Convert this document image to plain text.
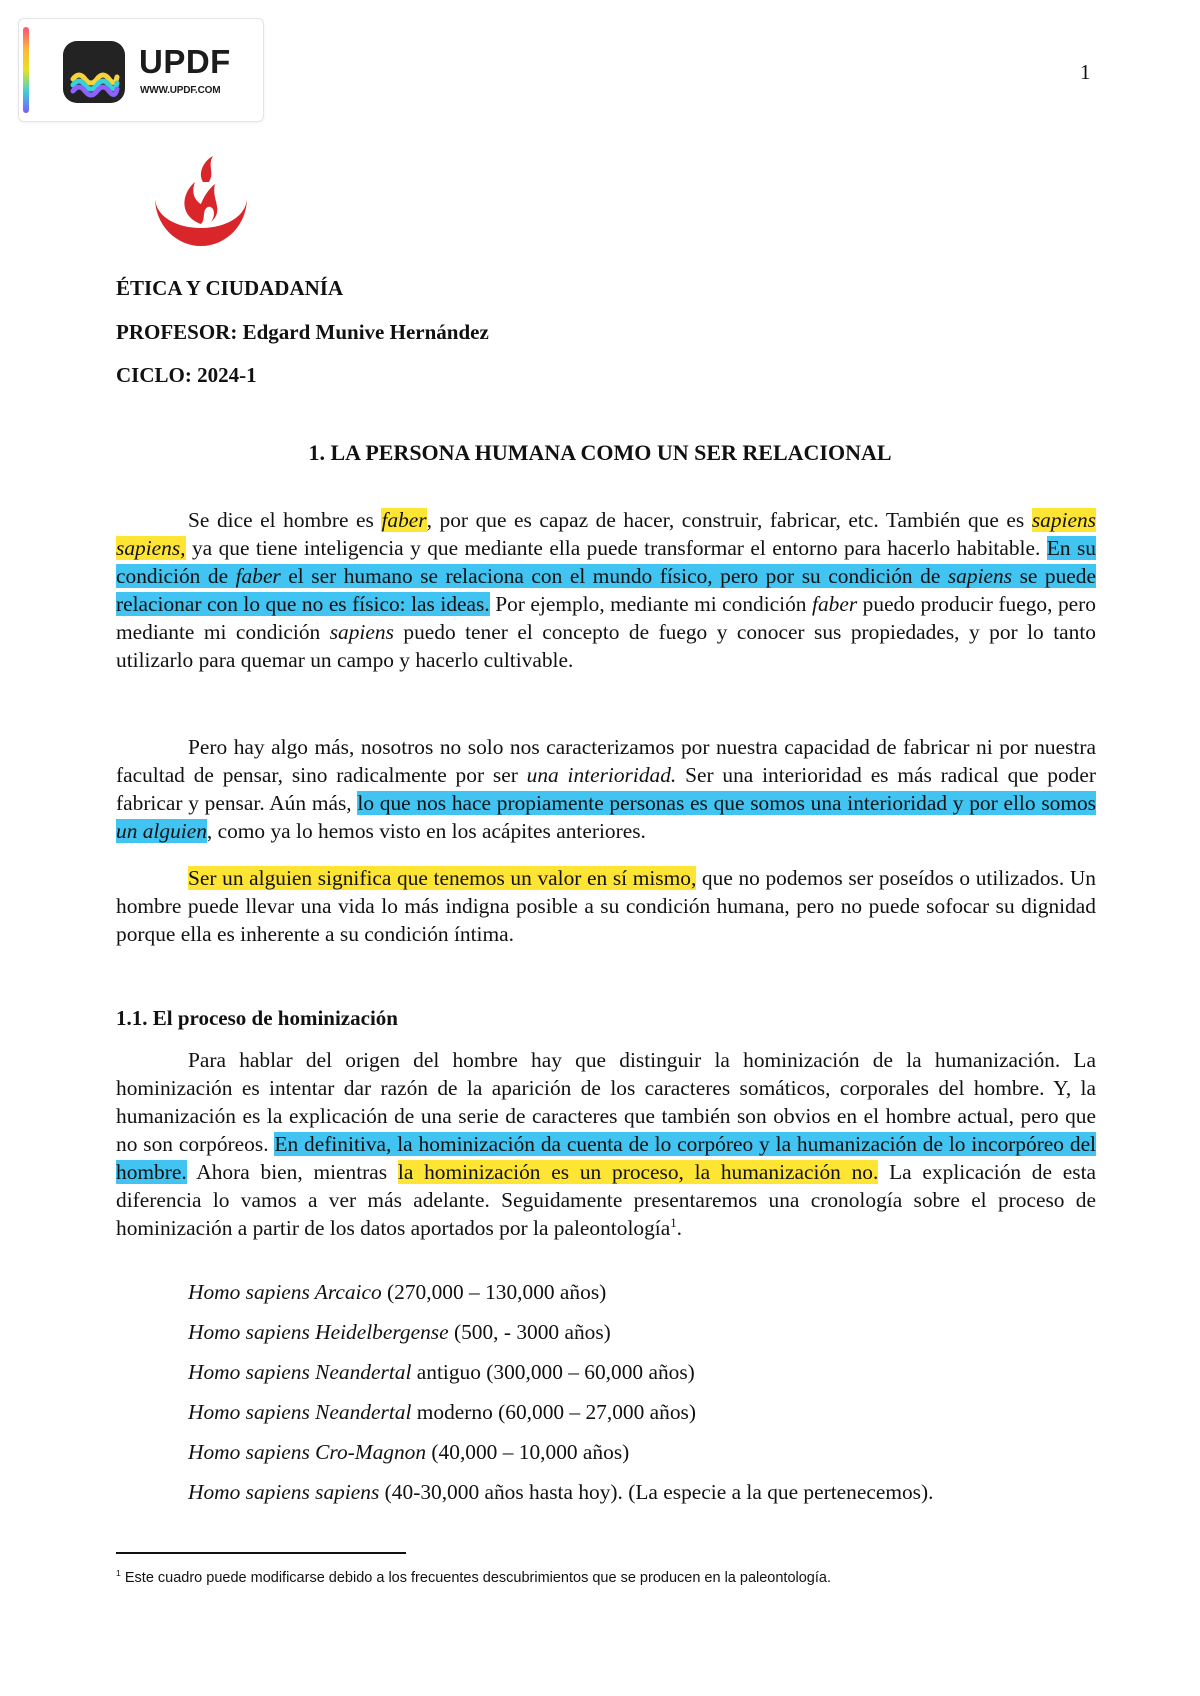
UPDF
WWW.UPDF.COM
1
ÉTICA Y CIUDADANÍA
PROFESOR: Edgard Munive Hernández
CICLO: 2024-1
1. LA PERSONA HUMANA COMO UN SER RELACIONAL

Se dice el hombre es faber, por que es capaz de hacer, construir, fabricar, etc. También que es sapiens sapiens, ya que tiene inteligencia y que mediante ella puede transformar el entorno para hacerlo habitable. En su condición de faber el ser humano se relaciona con el mundo físico, pero por su condición de sapiens se puede relacionar con lo que no es físico: las ideas. Por ejemplo, mediante mi condición faber puedo producir fuego, pero mediante mi condición sapiens puedo tener el concepto de fuego y conocer sus propiedades, y por lo tanto utilizarlo para quemar un campo y hacerlo cultivable.

Pero hay algo más, nosotros no solo nos caracterizamos por nuestra capacidad de fabricar ni por nuestra facultad de pensar, sino radicalmente por ser una interioridad. Ser una interioridad es más radical que poder fabricar y pensar. Aún más, lo que nos hace propiamente personas es que somos una interioridad y por ello somos un alguien, como ya lo hemos visto en los acápites anteriores.

Ser un alguien significa que tenemos un valor en sí mismo, que no podemos ser poseídos o utilizados. Un hombre puede llevar una vida lo más indigna posible a su condición humana, pero no puede sofocar su dignidad porque ella es inherente a su condición íntima.

1.1. El proceso de hominización

Para hablar del origen del hombre hay que distinguir la hominización de la humanización. La hominización es intentar dar razón de la aparición de los caracteres somáticos, corporales del hombre. Y, la humanización es la explicación de una serie de caracteres que también son obvios en el hombre actual, pero que no son corpóreos. En definitiva, la hominización da cuenta de lo corpóreo y la humanización de lo incorpóreo del hombre. Ahora bien, mientras la hominización es un proceso, la humanización no. La explicación de esta diferencia lo vamos a ver más adelante. Seguidamente presentaremos una cronología sobre el proceso de hominización a partir de los datos aportados por la paleontología$^1$.

Homo sapiens Arcaico (270,000 – 130,000 años)
Homo sapiens Heidelbergense (500, - 3000 años)
Homo sapiens Neandertal antiguo (300,000 – 60,000 años)
Homo sapiens Neandertal moderno (60,000 – 27,000 años)
Homo sapiens Cro-Magnon (40,000 – 10,000 años)
Homo sapiens sapiens (40-30,000 años hasta hoy). (La especie a la que pertenecemos).
$^1$ Este cuadro puede modificarse debido a los frecuentes descubrimientos que se producen en la paleontología.
